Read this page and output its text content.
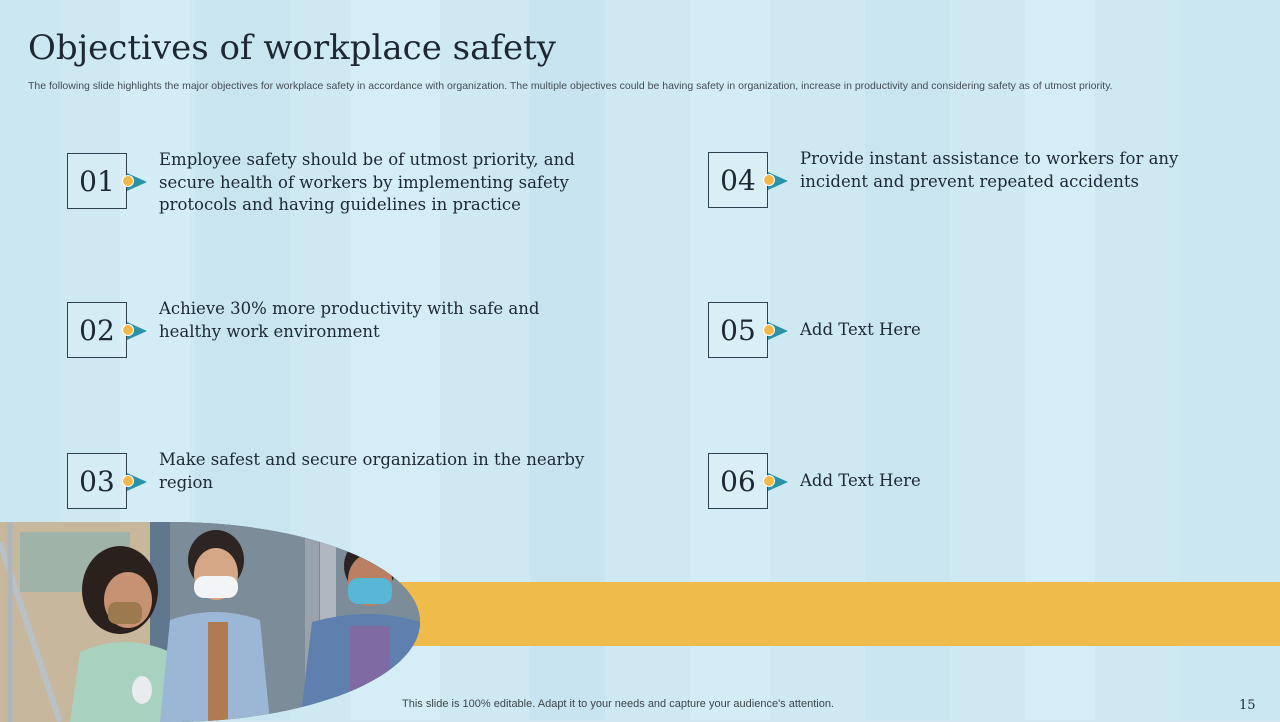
Objectives of workplace safety
The following slide highlights the major objectives for workplace safety in accordance with organization. The multiple objectives could be having safety in organization, increase in productivity and considering safety as of utmost priority.
01
Employee safety should be of utmost priority, and secure health of workers by implementing safety protocols and having guidelines in practice
02
Achieve 30% more productivity with safe and healthy work environment
03
Make safest and secure organization in the nearby region
04
Provide instant assistance to workers for any incident and prevent repeated accidents
05	Add Text Here
06	Add Text Here
This slide is 100% editable. Adapt it to your needs and capture your audience's attention.	15
